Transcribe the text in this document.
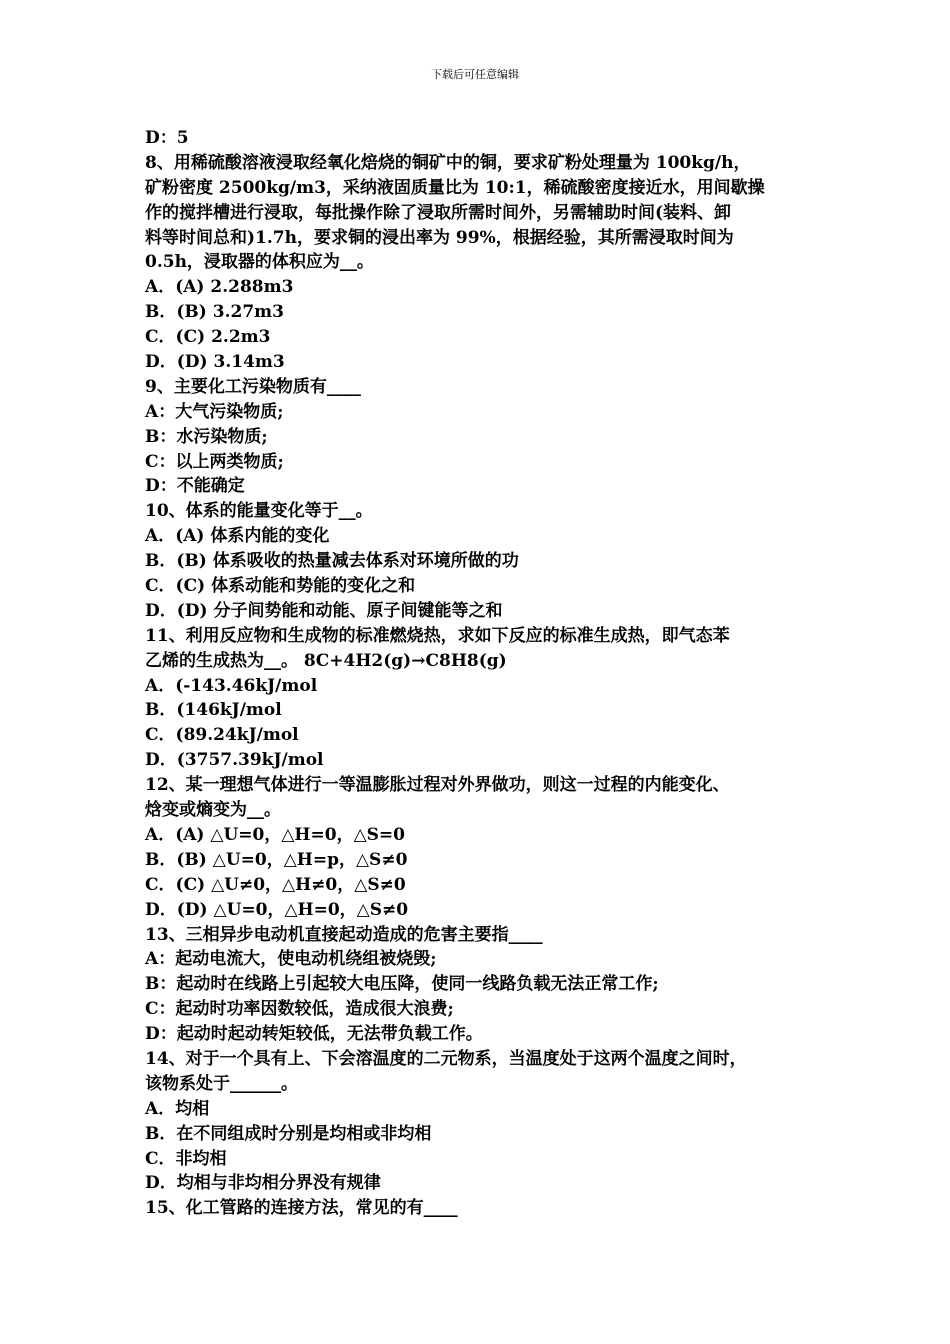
下载后可任意编辑
D：5
8、用稀硫酸溶液浸取经氧化焙烧的铜矿中的铜，要求矿粉处理量为 100kg/h，
矿粉密度 2500kg/m3，采纳液固质量比为 10:1，稀硫酸密度接近水，用间歇操
作的搅拌槽进行浸取，每批操作除了浸取所需时间外，另需辅助时间(装料、卸
料等时间总和)1.7h，要求铜的浸出率为 99%，根据经验，其所需浸取时间为
0.5h，浸取器的体积应为__。
A．(A) 2.288m3
B．(B) 3.27m3
C．(C) 2.2m3
D．(D) 3.14m3
9、主要化工污染物质有____
A：大气污染物质;
B：水污染物质;
C：以上两类物质;
D：不能确定
10、体系的能量变化等于__。
A．(A) 体系内能的变化
B．(B) 体系吸收的热量减去体系对环境所做的功
C．(C) 体系动能和势能的变化之和
D．(D) 分子间势能和动能、原子间键能等之和
11、利用反应物和生成物的标准燃烧热，求如下反应的标准生成热，即气态苯
乙烯的生成热为__。 8C+4H2(g)→C8H8(g)
A．(-143.46kJ/mol
B．(146kJ/mol
C．(89.24kJ/mol
D．(3757.39kJ/mol
12、某一理想气体进行一等温膨胀过程对外界做功，则这一过程的内能变化、
焓变或熵变为__。
A．(A) △U=0，△H=0，△S=0
B．(B) △U=0，△H=p，△S≠0
C．(C) △U≠0，△H≠0，△S≠0
D．(D) △U=0，△H=0，△S≠0
13、三相异步电动机直接起动造成的危害主要指____
A：起动电流大，使电动机绕组被烧毁;
B：起动时在线路上引起较大电压降，使同一线路负载无法正常工作;
C：起动时功率因数较低，造成很大浪费;
D：起动时起动转矩较低，无法带负载工作。
14、对于一个具有上、下会溶温度的二元物系，当温度处于这两个温度之间时，
该物系处于______。
A．均相
B．在不同组成时分别是均相或非均相
C．非均相
D．均相与非均相分界没有规律
15、化工管路的连接方法，常见的有____
